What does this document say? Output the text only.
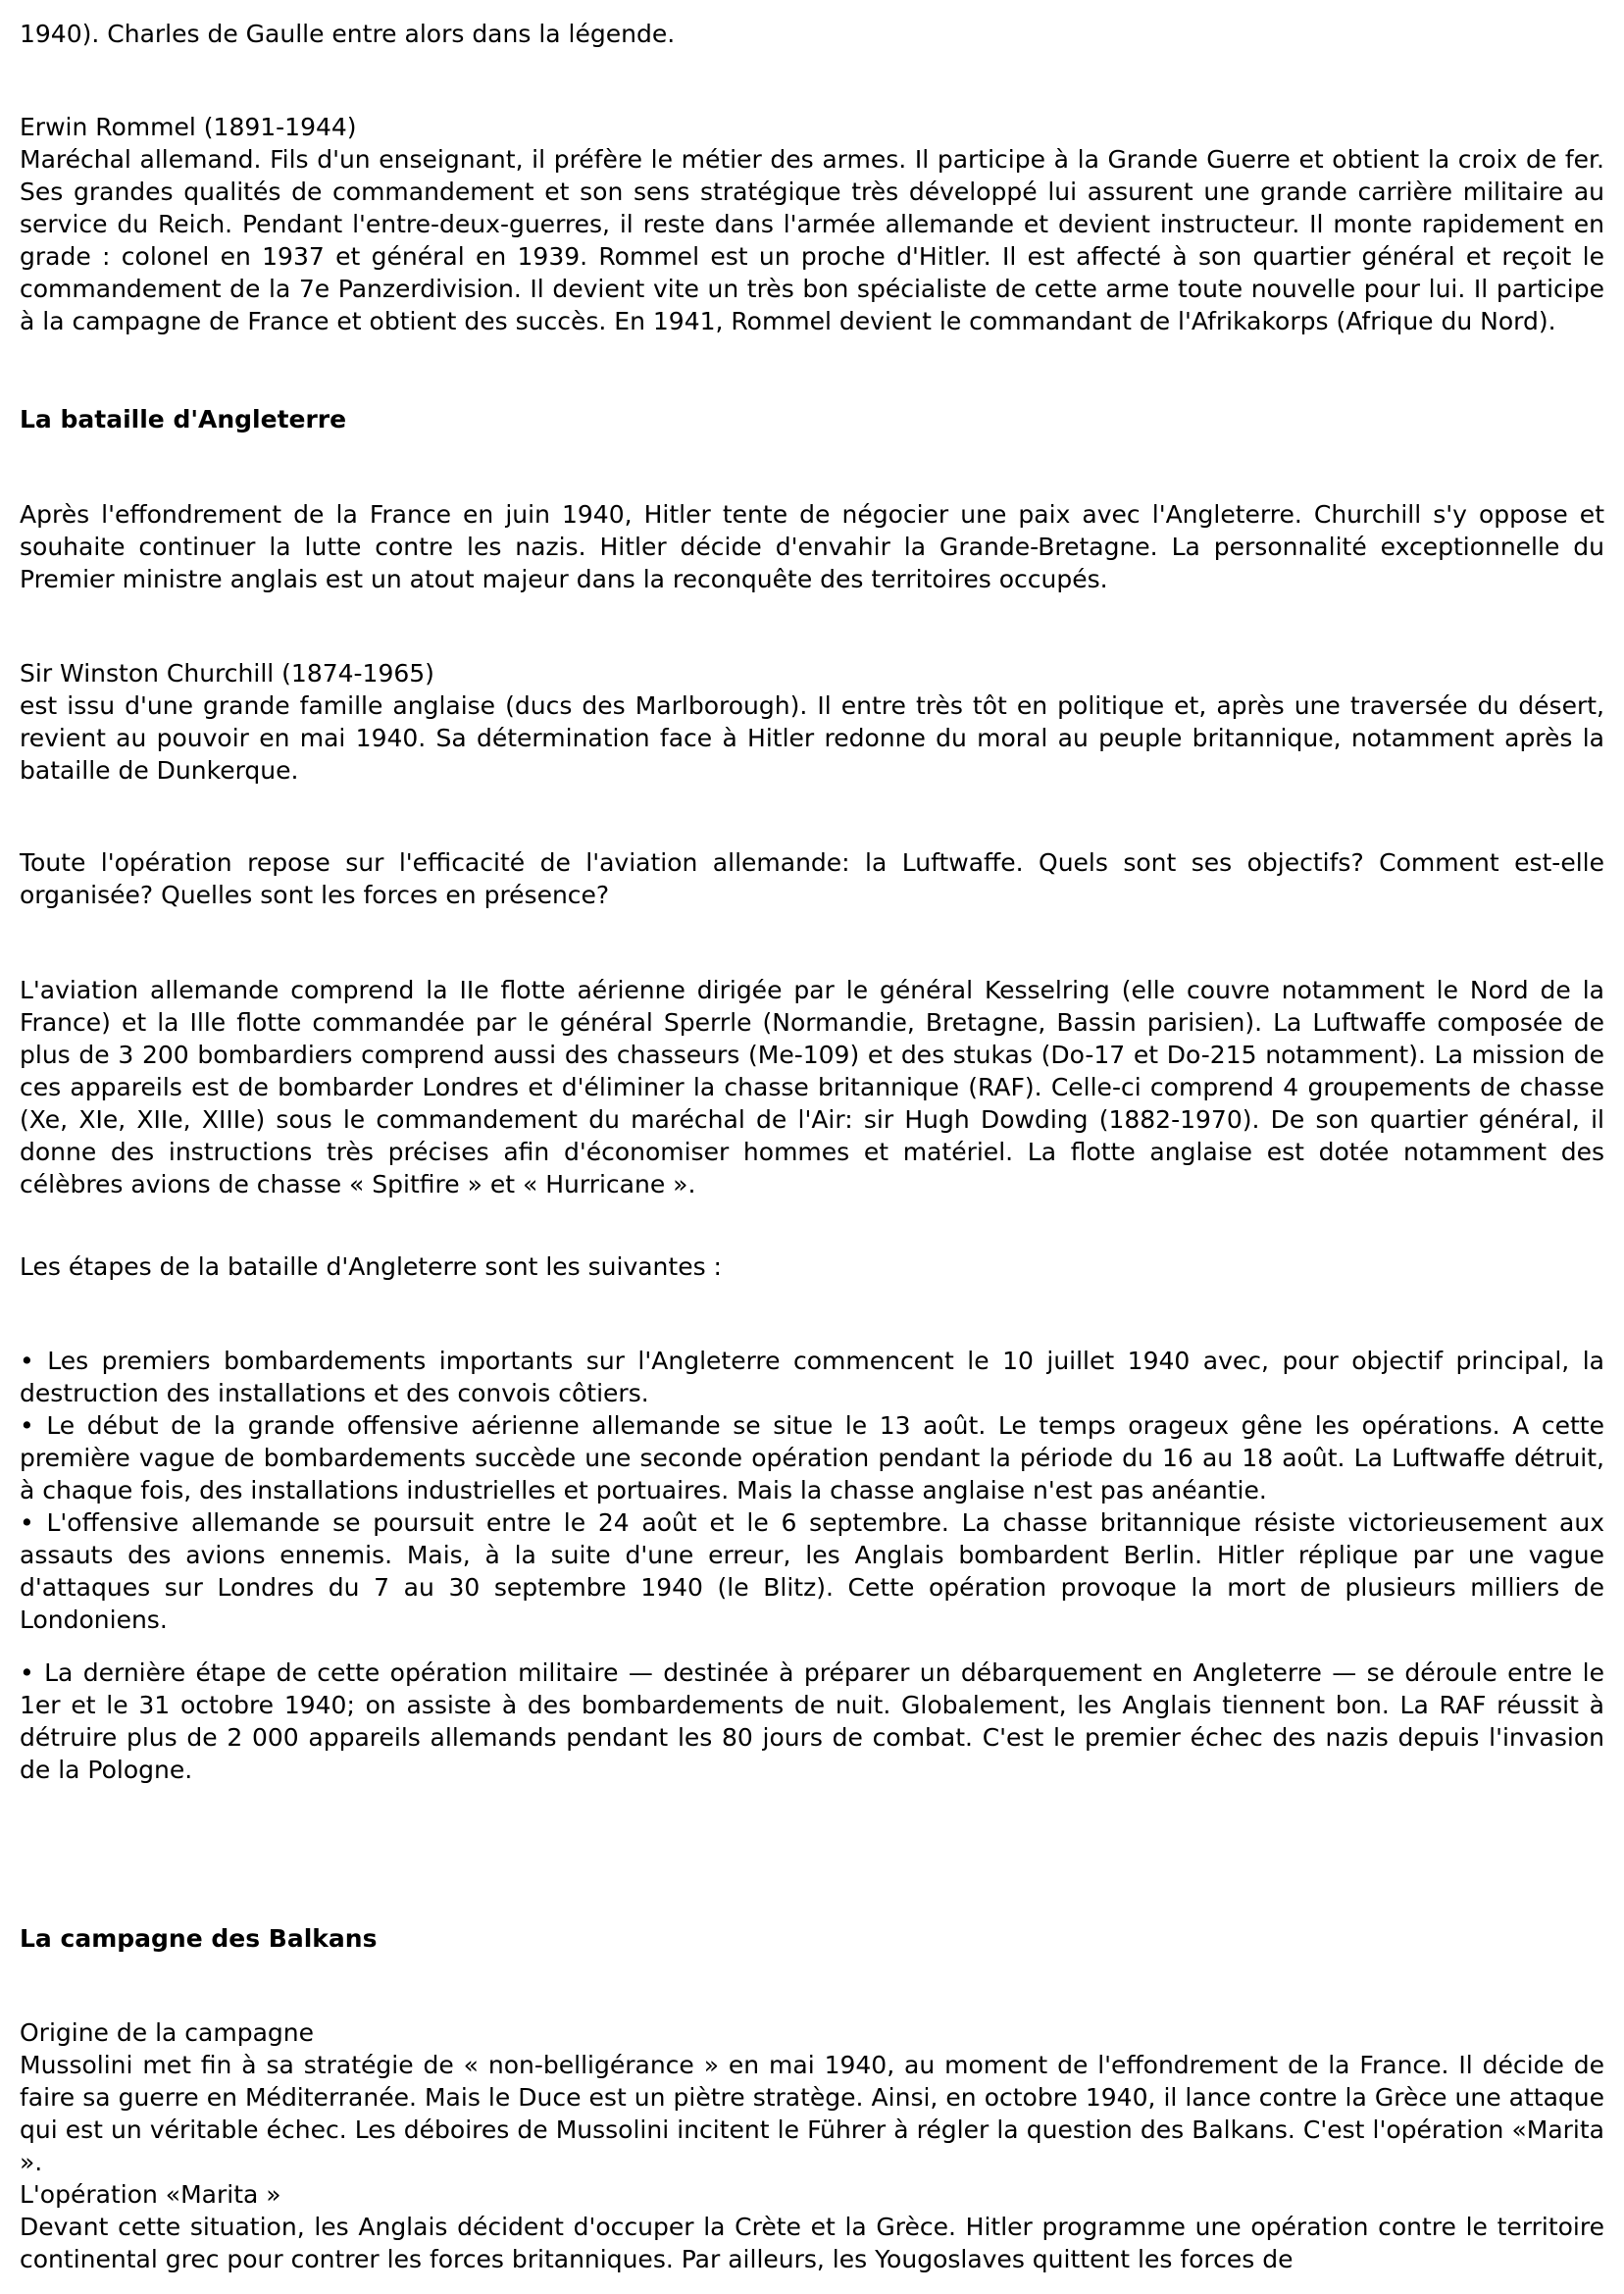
1940). Charles de Gaulle entre alors dans la légende.

Erwin Rommel (1891-1944)
Maréchal allemand. Fils d'un enseignant, il préfère le métier des armes. Il participe à la Grande Guerre et obtient la croix de fer. Ses grandes qualités de commandement et son sens stratégique très développé lui assurent une grande carrière militaire au service du Reich. Pendant l'entre-deux-guerres, il reste dans l'armée allemande et devient instructeur. Il monte rapidement en grade : colonel en 1937 et général en 1939. Rommel est un proche d'Hitler. Il est affecté à son quartier général et reçoit le commandement de la 7e Panzerdivision. Il devient vite un très bon spécialiste de cette arme toute nouvelle pour lui. Il participe à la campagne de France et obtient des succès. En 1941, Rommel devient le commandant de l'Afrikakorps (Afrique du Nord).
La bataille d'Angleterre

Après l'effondrement de la France en juin 1940, Hitler tente de négocier une paix avec l'Angleterre. Churchill s'y oppose et souhaite continuer la lutte contre les nazis. Hitler décide d'envahir la Grande-Bretagne. La personnalité exceptionnelle du Premier ministre anglais est un atout majeur dans la reconquête des territoires occupés.

Sir Winston Churchill (1874-1965)
est issu d'une grande famille anglaise (ducs des Marlborough). Il entre très tôt en politique et, après une traversée du désert, revient au pouvoir en mai 1940. Sa détermination face à Hitler redonne du moral au peuple britannique, notamment après la bataille de Dunkerque.

Toute l'opération repose sur l'efficacité de l'aviation allemande: la Luftwaffe. Quels sont ses objectifs? Comment est-elle organisée? Quelles sont les forces en présence?

L'aviation allemande comprend la IIe flotte aérienne dirigée par le général Kesselring (elle couvre notamment le Nord de la France) et la Ille flotte commandée par le général Sperrle (Normandie, Bretagne, Bassin parisien). La Luftwaffe composée de plus de 3 200 bombardiers comprend aussi des chasseurs (Me-109) et des stukas (Do-17 et Do-215 notamment). La mission de ces appareils est de bombarder Londres et d'éliminer la chasse britannique (RAF). Celle-ci comprend 4 groupements de chasse (Xe, XIe, XIIe, XIIIe) sous le commandement du maréchal de l'Air: sir Hugh Dowding (1882-1970). De son quartier général, il donne des instructions très précises afin d'économiser hommes et matériel. La flotte anglaise est dotée notamment des célèbres avions de chasse « Spitfire » et « Hurricane ».

Les étapes de la bataille d'Angleterre sont les suivantes :

• Les premiers bombardements importants sur l'Angleterre commencent le 10 juillet 1940 avec, pour objectif principal, la destruction des installations et des convois côtiers.
• Le début de la grande offensive aérienne allemande se situe le 13 août. Le temps orageux gêne les opérations. A cette première vague de bombardements succède une seconde opération pendant la période du 16 au 18 août. La Luftwaffe détruit, à chaque fois, des installations industrielles et portuaires. Mais la chasse anglaise n'est pas anéantie.
• L'offensive allemande se poursuit entre le 24 août et le 6 septembre. La chasse britannique résiste victorieusement aux assauts des avions ennemis. Mais, à la suite d'une erreur, les Anglais bombardent Berlin. Hitler réplique par une vague d'attaques sur Londres du 7 au 30 septembre 1940 (le Blitz). Cette opération provoque la mort de plusieurs milliers de Londoniens.
• La dernière étape de cette opération militaire — destinée à préparer un débarquement en Angleterre — se déroule entre le 1er et le 31 octobre 1940; on assiste à des bombardements de nuit. Globalement, les Anglais tiennent bon. La RAF réussit à détruire plus de 2 000 appareils allemands pendant les 80 jours de combat. C'est le premier échec des nazis depuis l'invasion de la Pologne.
La campagne des Balkans
Origine de la campagne
Mussolini met fin à sa stratégie de « non-belligérance » en mai 1940, au moment de l'effondrement de la France. Il décide de faire sa guerre en Méditerranée. Mais le Duce est un piètre stratège. Ainsi, en octobre 1940, il lance contre la Grèce une attaque qui est un véritable échec. Les déboires de Mussolini incitent le Führer à régler la question des Balkans. C'est l'opération «Marita ».
L'opération «Marita »
Devant cette situation, les Anglais décident d'occuper la Crète et la Grèce. Hitler programme une opération contre le territoire continental grec pour contrer les forces britanniques. Par ailleurs, les Yougoslaves quittent les forces de
